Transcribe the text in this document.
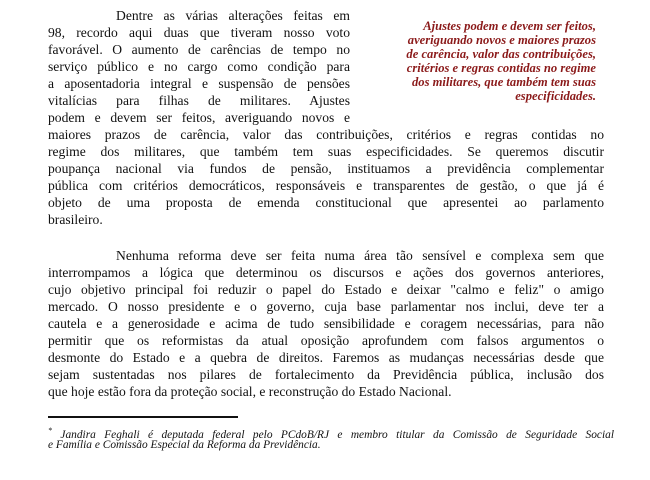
Dentre as várias alterações feitas em

98, recordo aqui duas que tiveram nosso voto

favorável. O aumento de carências de tempo no

serviço público e no cargo como condição para

a aposentadoria integral e suspensão de pensões

vitalícias para filhas de militares. Ajustes

podem e devem ser feitos, averiguando novos e

maiores prazos de carência, valor das contribuições, critérios e regras contidas no

regime dos militares, que também tem suas especificidades. Se queremos discutir

poupança nacional via fundos de pensão, instituamos a previdência complementar

pública com critérios democráticos, responsáveis e transparentes de gestão, o que já é

objeto de uma proposta de emenda constitucional que apresentei ao parlamento

brasileiro.

Ajustes podem e devem ser feitos,
averiguando novos e maiores prazos
de carência, valor das contribuições,
critérios e regras contidas no regime
dos militares, que também tem suas
especificidades.

Nenhuma reforma deve ser feita numa área tão sensível e complexa sem que

interrompamos a lógica que determinou os discursos e ações dos governos anteriores,

cujo objetivo principal foi reduzir o papel do Estado e deixar "calmo e feliz" o amigo

mercado. O nosso presidente e o governo, cuja base parlamentar nos inclui, deve ter a

cautela e a generosidade e acima de tudo sensibilidade e coragem necessárias, para não

permitir que os reformistas da atual oposição aprofundem com falsos argumentos o

desmonte do Estado e a quebra de direitos. Faremos as mudanças necessárias desde que

sejam sustentadas nos pilares de fortalecimento da Previdência pública, inclusão dos

que hoje estão fora da proteção social, e reconstrução do Estado Nacional.

* Jandira Feghali é deputada federal pelo PCdoB/RJ e membro titular da Comissão de Seguridade Social

e Família e Comissão Especial da Reforma da Previdência.
